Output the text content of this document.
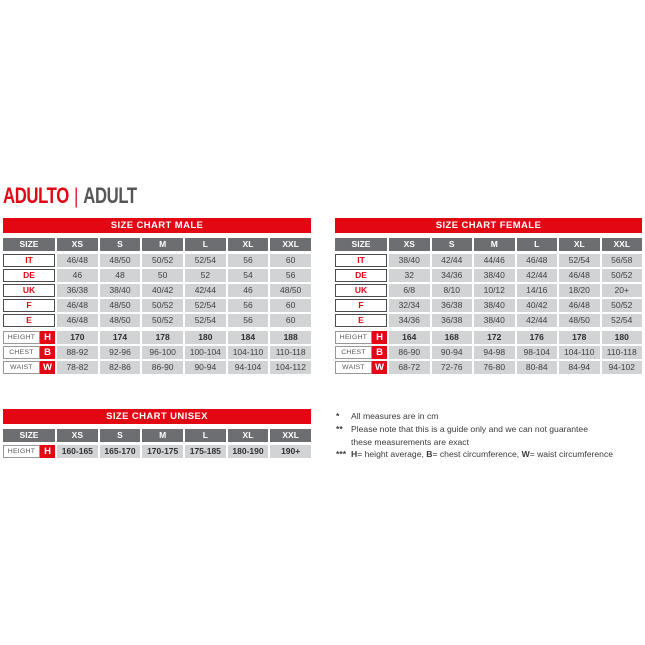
ADULTO | ADULT
SIZE CHART MALE
SIZE	XS	S	M	L	XL	XXL
IT	46/48	48/50	50/52	52/54	56	60
DE	46	48	50	52	54	56
UK	36/38	38/40	40/42	42/44	46	48/50
F	46/48	48/50	50/52	52/54	56	60
E	46/48	48/50	50/52	52/54	56	60
HEIGHT H	170	174	178	180	184	188
CHEST	B	88-92	92-96	96-100	100-104	104-110	110-118
WAIST	W	78-82	82-86	86-90	90-94	94-104	104-112
SIZE CHART FEMALE
SIZE	XS	S	M	L	XL	XXL
IT	38/40	42/44	44/46	46/48	52/54	56/58
DE	32	34/36	38/40	42/44	46/48	50/52
UK	6/8	8/10	10/12	14/16	18/20	20+
F	32/34	36/38	38/40	40/42	46/48	50/52
E	34/36	36/38	38/40	42/44	48/50	52/54
HEIGHT H	164	168	172	176	178	180
CHEST	B	86-90	90-94	94-98	98-104	104-110	110-118
WAIST	W	68-72	72-76	76-80	80-84	84-94	94-102
SIZE CHART UNISEX
SIZE	XS	S	M	L	XL	XXL
HEIGHT H	160-165	165-170	170-175	175-185	180-190	190+
*	All measures are in cm
** Please note that this is a guide only and we can not guarantee
these measurements are exact
*** H= height average, B= chest circumference, W= waist circumference
